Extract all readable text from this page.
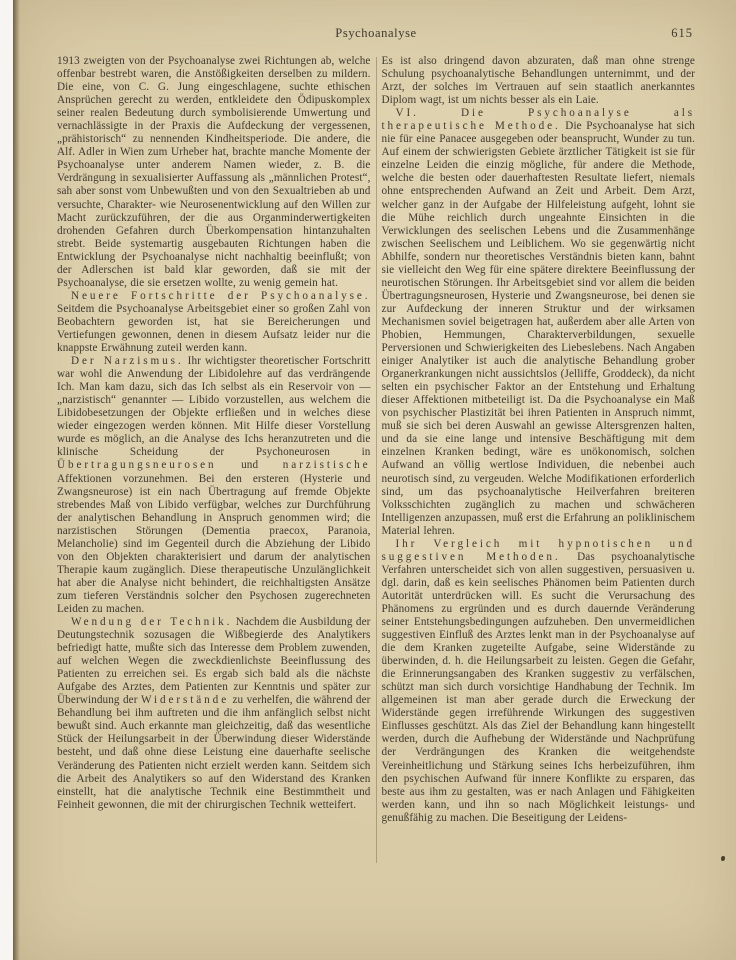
Psychoanalyse	615

1913 zweigten von der Psychoanalyse zwei Richtungen ab, welche offenbar bestrebt waren, die Anstößigkeiten derselben zu mildern. Die eine, von C. G. Jung eingeschlagene, suchte ethischen Ansprüchen gerecht zu werden, entkleidete den Ödipuskomplex seiner realen Bedeutung durch symbolisierende Umwertung und vernachlässigte in der Praxis die Aufdeckung der vergessenen, „prähistorisch“ zu nennenden Kindheitsperiode. Die andere, die Alf. Adler in Wien zum Urheber hat, brachte manche Momente der Psychoanalyse unter anderem Namen wieder, z. B. die Verdrängung in sexualisierter Auffassung als „männlichen Protest“, sah aber sonst vom Unbewußten und von den Sexualtrieben ab und versuchte, Charakter- wie Neurosenentwicklung auf den Willen zur Macht zurückzuführen, der die aus Organminderwertigkeiten drohenden Gefahren durch Überkompensation hintanzuhalten strebt. Beide systemartig ausgebauten Richtungen haben die Entwicklung der Psychoanalyse nicht nachhaltig beeinflußt; von der Adlerschen ist bald klar geworden, daß sie mit der Psychoanalyse, die sie ersetzen wollte, zu wenig gemein hat.

Neuere Fortschritte der Psychoanalyse. Seitdem die Psychoanalyse Arbeitsgebiet einer so großen Zahl von Beobachtern geworden ist, hat sie Bereicherungen und Vertiefungen gewonnen, denen in diesem Aufsatz leider nur die knappste Erwähnung zuteil werden kann.

Der Narzismus. Ihr wichtigster theoretischer Fortschritt war wohl die Anwendung der Libidolehre auf das verdrängende Ich. Man kam dazu, sich das Ich selbst als ein Reservoir von — „narzistisch“ genannter — Libido vorzustellen, aus welchem die Libidobesetzungen der Objekte erfließen und in welches diese wieder eingezogen werden können. Mit Hilfe dieser Vorstellung wurde es möglich, an die Analyse des Ichs heranzutreten und die klinische Scheidung der Psychoneurosen in Übertragungsneurosen und narzistische Affektionen vorzunehmen. Bei den ersteren (Hysterie und Zwangsneurose) ist ein nach Übertragung auf fremde Objekte strebendes Maß von Libido verfügbar, welches zur Durchführung der analytischen Behandlung in Anspruch genommen wird; die narzistischen Störungen (Dementia praecox, Paranoia, Melancholie) sind im Gegenteil durch die Abziehung der Libido von den Objekten charakterisiert und darum der analytischen Therapie kaum zugänglich. Diese therapeutische Unzulänglichkeit hat aber die Analyse nicht behindert, die reichhaltigsten Ansätze zum tieferen Verständnis solcher den Psychosen zugerechneten Leiden zu machen.

Wendung der Technik. Nachdem die Ausbildung der Deutungstechnik sozusagen die Wißbegierde des Analytikers befriedigt hatte, mußte sich das Interesse dem Problem zuwenden, auf welchen Wegen die zweckdienlichste Beeinflussung des Patienten zu erreichen sei. Es ergab sich bald als die nächste Aufgabe des Arztes, dem Patienten zur Kenntnis und später zur Überwindung der Widerstände zu verhelfen, die während der Behandlung bei ihm auftreten und die ihm anfänglich selbst nicht bewußt sind. Auch erkannte man gleichzeitig, daß das wesentliche Stück der Heilungsarbeit in der Überwindung dieser Widerstände besteht, und daß ohne diese Leistung eine dauerhafte seelische Veränderung des Patienten nicht erzielt werden kann. Seitdem sich die Arbeit des Analytikers so auf den Widerstand des Kranken einstellt, hat die analytische Technik eine Bestimmtheit und Feinheit gewonnen, die mit der chirurgischen Technik wetteifert.

Es ist also dringend davon abzuraten, daß man ohne strenge Schulung psychoanalytische Behandlungen unternimmt, und der Arzt, der solches im Vertrauen auf sein staatlich anerkanntes Diplom wagt, ist um nichts besser als ein Laie.

VI. Die Psychoanalyse als therapeutische Methode. Die Psychoanalyse hat sich nie für eine Panacee ausgegeben oder beansprucht, Wunder zu tun. Auf einem der schwierigsten Gebiete ärztlicher Tätigkeit ist sie für einzelne Leiden die einzig mögliche, für andere die Methode, welche die besten oder dauerhaftesten Resultate liefert, niemals ohne entsprechenden Aufwand an Zeit und Arbeit. Dem Arzt, welcher ganz in der Aufgabe der Hilfeleistung aufgeht, lohnt sie die Mühe reichlich durch ungeahnte Einsichten in die Verwicklungen des seelischen Lebens und die Zusammenhänge zwischen Seelischem und Leiblichem. Wo sie gegenwärtig nicht Abhilfe, sondern nur theoretisches Verständnis bieten kann, bahnt sie vielleicht den Weg für eine spätere direktere Beeinflussung der neurotischen Störungen. Ihr Arbeitsgebiet sind vor allem die beiden Übertragungsneurosen, Hysterie und Zwangsneurose, bei denen sie zur Aufdeckung der inneren Struktur und der wirksamen Mechanismen soviel beigetragen hat, außerdem aber alle Arten von Phobien, Hemmungen, Charakterverbildungen, sexuelle Perversionen und Schwierigkeiten des Liebeslebens. Nach Angaben einiger Analytiker ist auch die analytische Behandlung grober Organerkrankungen nicht aussichtslos (Jelliffe, Groddeck), da nicht selten ein psychischer Faktor an der Entstehung und Erhaltung dieser Affektionen mitbeteiligt ist. Da die Psychoanalyse ein Maß von psychischer Plastizität bei ihren Patienten in Anspruch nimmt, muß sie sich bei deren Auswahl an gewisse Altersgrenzen halten, und da sie eine lange und intensive Beschäftigung mit dem einzelnen Kranken bedingt, wäre es unökonomisch, solchen Aufwand an völlig wertlose Individuen, die nebenbei auch neurotisch sind, zu vergeuden. Welche Modifikationen erforderlich sind, um das psychoanalytische Heilverfahren breiteren Volksschichten zugänglich zu machen und schwächeren Intelligenzen anzupassen, muß erst die Erfahrung an poliklinischem Material lehren.

Ihr Vergleich mit hypnotischen und suggestiven Methoden. Das psychoanalytische Verfahren unterscheidet sich von allen suggestiven, persuasiven u. dgl. darin, daß es kein seelisches Phänomen beim Patienten durch Autorität unterdrücken will. Es sucht die Verursachung des Phänomens zu ergründen und es durch dauernde Veränderung seiner Entstehungsbedingungen aufzuheben. Den unvermeidlichen suggestiven Einfluß des Arztes lenkt man in der Psychoanalyse auf die dem Kranken zugeteilte Aufgabe, seine Widerstände zu überwinden, d. h. die Heilungsarbeit zu leisten. Gegen die Gefahr, die Erinnerungsangaben des Kranken suggestiv zu verfälschen, schützt man sich durch vorsichtige Handhabung der Technik. Im allgemeinen ist man aber gerade durch die Erweckung der Widerstände gegen irreführende Wirkungen des suggestiven Einflusses geschützt. Als das Ziel der Behandlung kann hingestellt werden, durch die Aufhebung der Widerstände und Nachprüfung der Verdrängungen des Kranken die weitgehendste Vereinheitlichung und Stärkung seines Ichs herbeizuführen, ihm den psychischen Aufwand für innere Konflikte zu ersparen, das beste aus ihm zu gestalten, was er nach Anlagen und Fähigkeiten werden kann, und ihn so nach Möglichkeit leistungs- und genußfähig zu machen. Die Beseitigung der Leidens-
